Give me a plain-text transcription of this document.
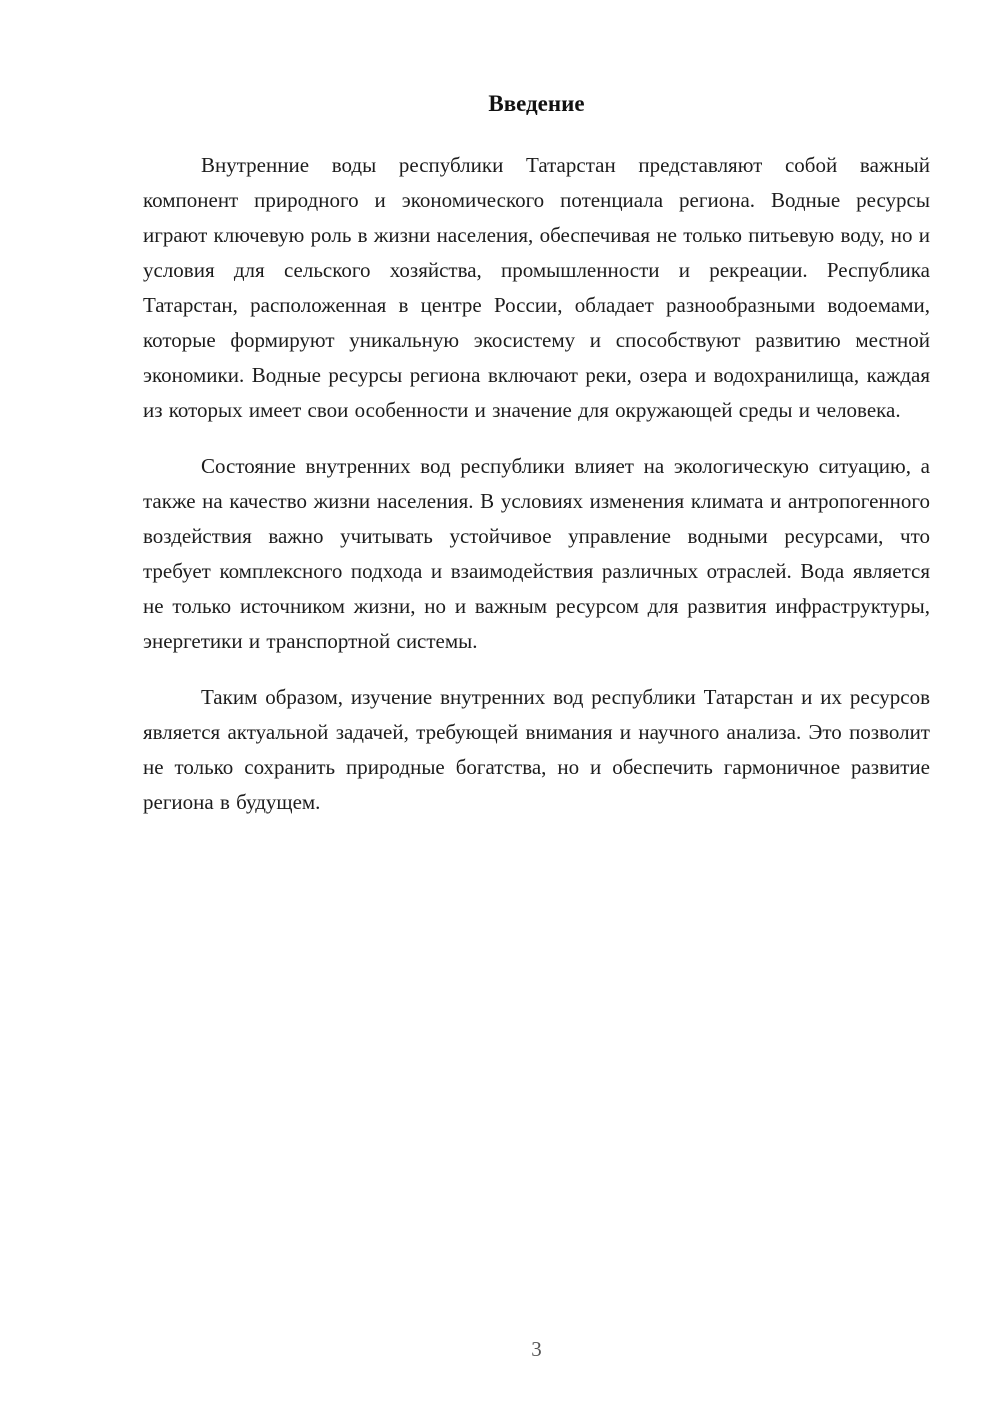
Введение

Внутренние воды республики Татарстан представляют собой важный компонент природного и экономического потенциала региона. Водные ресурсы играют ключевую роль в жизни населения, обеспечивая не только питьевую воду, но и условия для сельского хозяйства, промышленности и рекреации. Республика Татарстан, расположенная в центре России, обладает разнообразными водоемами, которые формируют уникальную экосистему и способствуют развитию местной экономики. Водные ресурсы региона включают реки, озера и водохранилища, каждая из которых имеет свои особенности и значение для окружающей среды и человека.

Состояние внутренних вод республики влияет на экологическую ситуацию, а также на качество жизни населения. В условиях изменения климата и антропогенного воздействия важно учитывать устойчивое управление водными ресурсами, что требует комплексного подхода и взаимодействия различных отраслей. Вода является не только источником жизни, но и важным ресурсом для развития инфраструктуры, энергетики и транспортной системы.

Таким образом, изучение внутренних вод республики Татарстан и их ресурсов является актуальной задачей, требующей внимания и научного анализа. Это позволит не только сохранить природные богатства, но и обеспечить гармоничное развитие региона в будущем.

3
